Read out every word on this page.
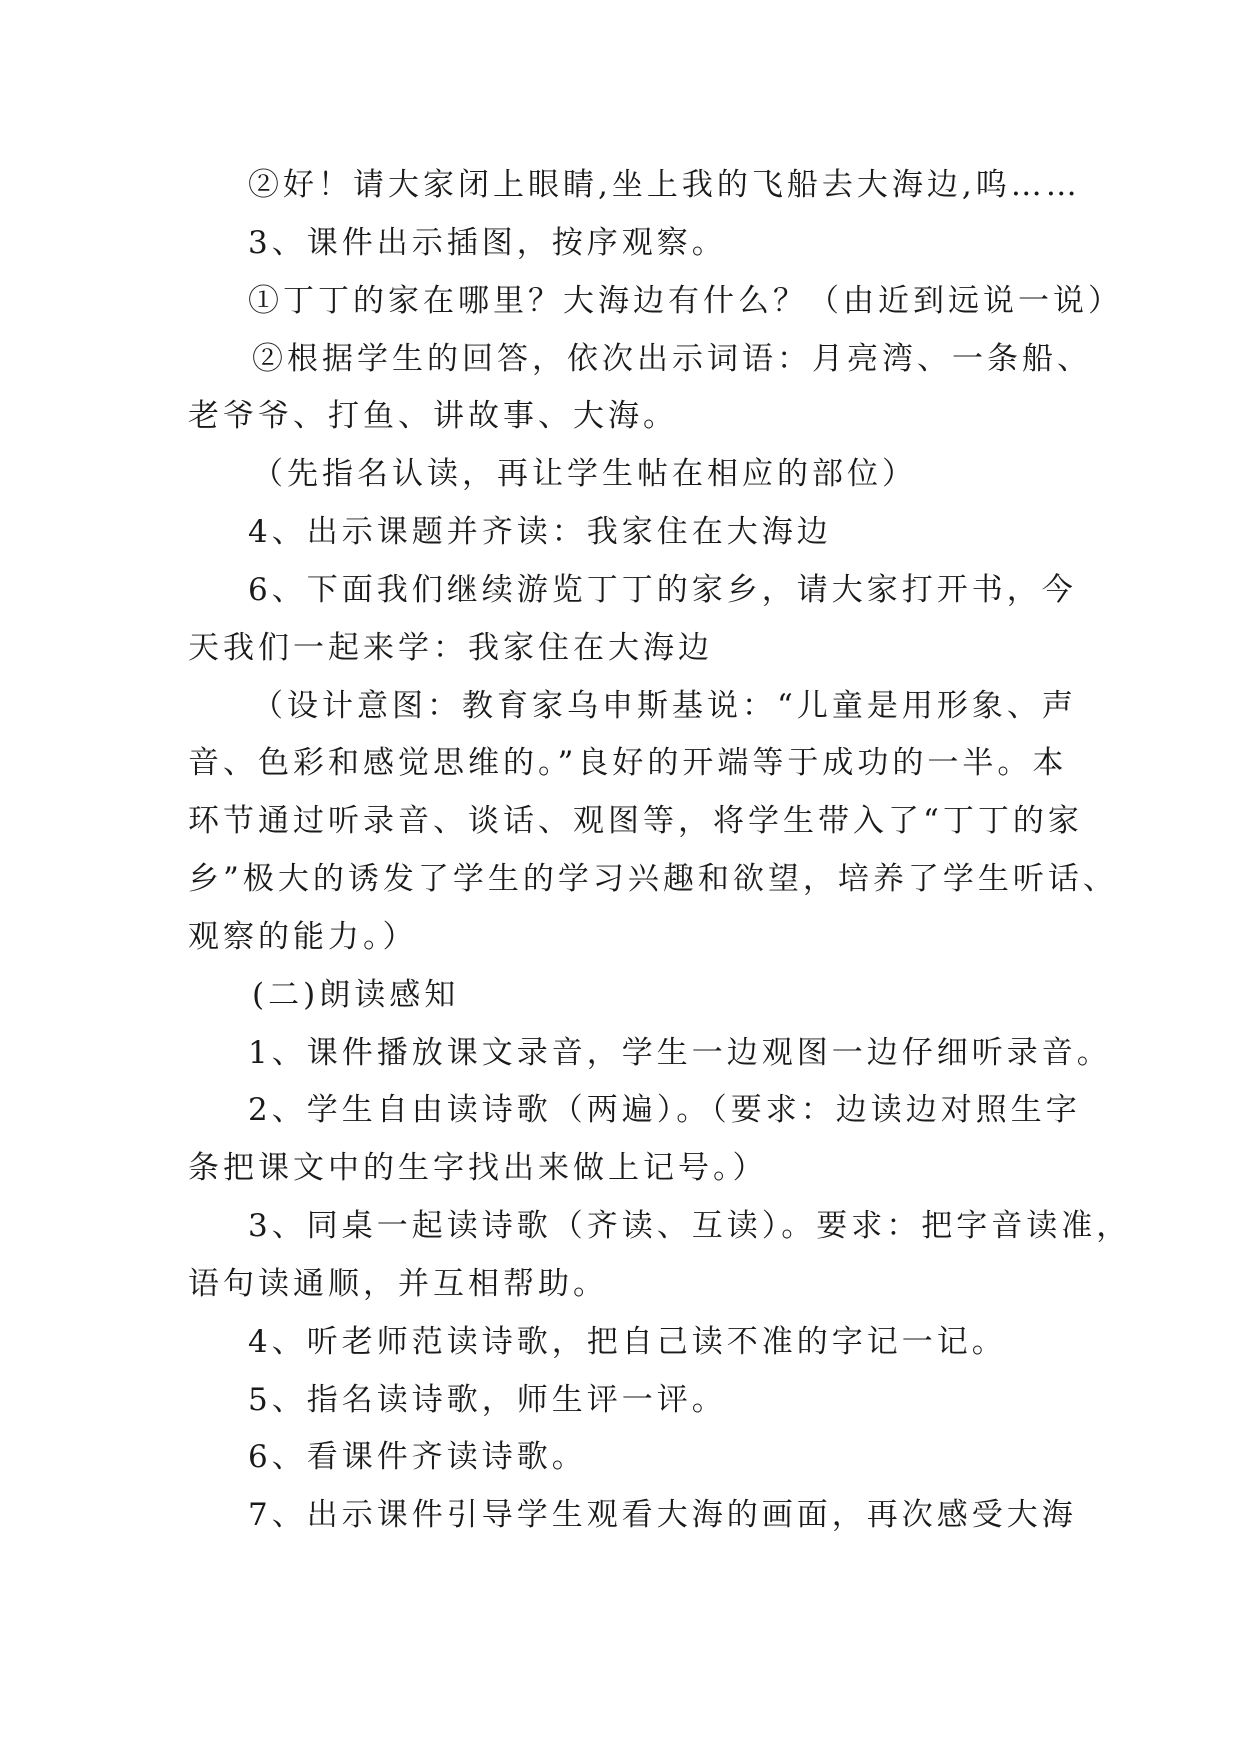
②好！请大家闭上眼睛,坐上我的飞船去大海边,呜……
3、课件出示插图，按序观察。
①丁丁的家在哪里？大海边有什么？（由近到远说一说）
②根据学生的回答，依次出示词语：月亮湾、一条船、
老爷爷、打鱼、讲故事、大海。
（先指名认读，再让学生帖在相应的部位）
4、出示课题并齐读：我家住在大海边
6、下面我们继续游览丁丁的家乡，请大家打开书，今
天我们一起来学：我家住在大海边
（设计意图：教育家乌申斯基说：“儿童是用形象、声
音、色彩和感觉思维的。”良好的开端等于成功的一半。本
环节通过听录音、谈话、观图等，将学生带入了“丁丁的家
乡”极大的诱发了学生的学习兴趣和欲望，培养了学生听话、
观察的能力。）
(二)朗读感知
1、课件播放课文录音，学生一边观图一边仔细听录音。
2、学生自由读诗歌（两遍）。（要求：边读边对照生字
条把课文中的生字找出来做上记号。）
3、同桌一起读诗歌（齐读、互读）。要求：把字音读准，
语句读通顺，并互相帮助。
4、听老师范读诗歌，把自己读不准的字记一记。
5、指名读诗歌，师生评一评。
6、看课件齐读诗歌。
7、出示课件引导学生观看大海的画面，再次感受大海
